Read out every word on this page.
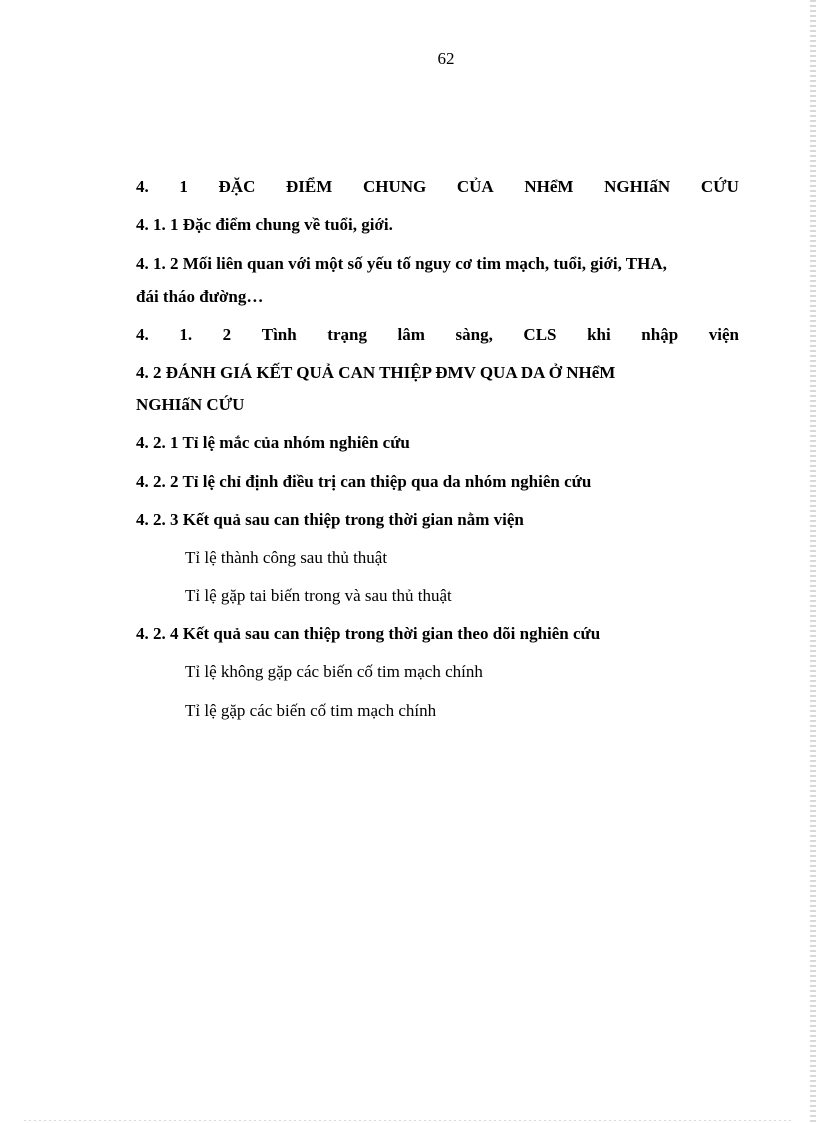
62
4. 1 ĐẶC ĐIỂM CHUNG CỦA NHểM NGHIấN CỨU
4. 1. 1 Đặc điểm chung về tuổi, giới.
4. 1. 2 Mối liên quan với một số yếu tố nguy cơ tim mạch, tuổi, giới, THA,
đái tháo đường…
4. 1. 2 Tình trạng lâm sàng, CLS khi nhập viện
4. 2 ĐÁNH GIÁ KẾT QUẢ CAN THIỆP ĐMV QUA DA Ở NHểM
NGHIấN CỨU
4. 2. 1 Tỉ lệ mắc của nhóm nghiên cứu
4. 2. 2 Tỉ lệ chỉ định điều trị can thiệp qua da nhóm nghiên cứu
4. 2. 3 Kết quả sau can thiệp trong thời gian nằm viện
Tỉ lệ thành công sau thủ thuật
Tỉ lệ gặp tai biến trong và sau thủ thuật
4. 2. 4 Kết quả sau can thiệp trong thời gian theo dõi nghiên cứu
Tỉ lệ không gặp các biến cố tim mạch chính
Tỉ lệ gặp các biến cố tim mạch chính
